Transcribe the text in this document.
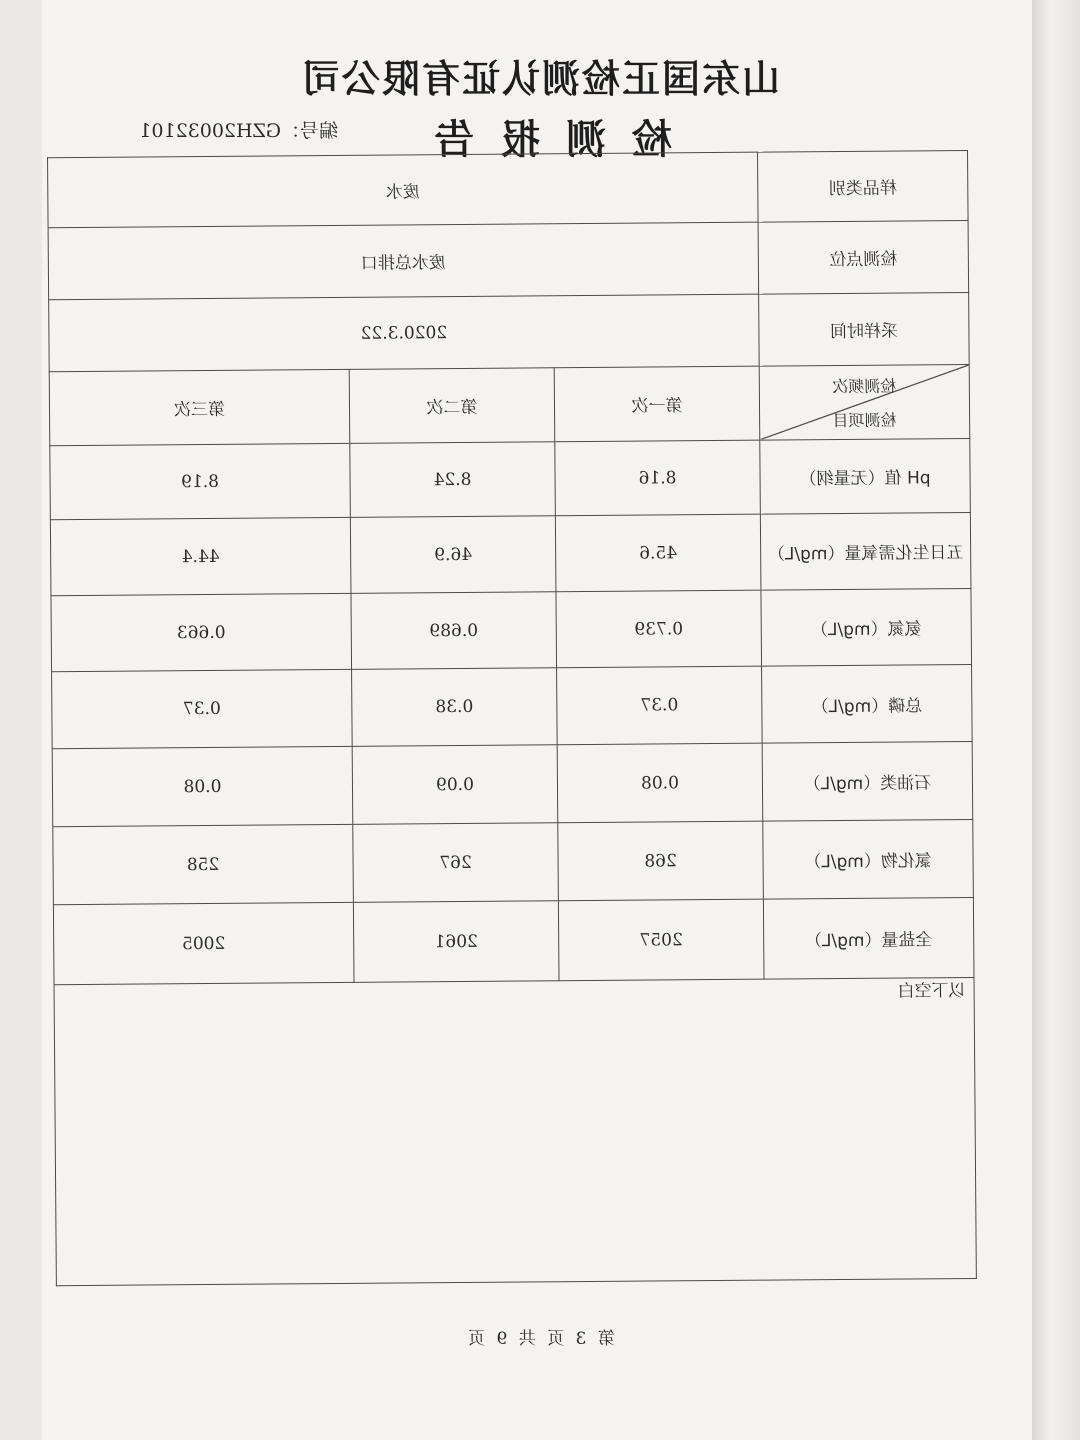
山东国正检测认证有限公司
检测报告
编号：GZH20032101
样品类别	废水		
检测点位	废水总排口		
采样时间	2020.3.22		

检测频次
检测项目	第一次	第二次	第三次
pH 值（无量纲）	8.16	8.24	8.19
五日生化需氧量（mg/L）	45.6	46.9	44.4
氨氮（mg/L）	0.739	0.689	0.663
总磷（mg/L）	0.37	0.38	0.37
石油类（mg/L）	0.08	0.09	0.08
氯化物（mg/L）	268	267	258
全盐量（mg/L）	2057	2061	2005
以下空白			
第 3 页 共 9 页
